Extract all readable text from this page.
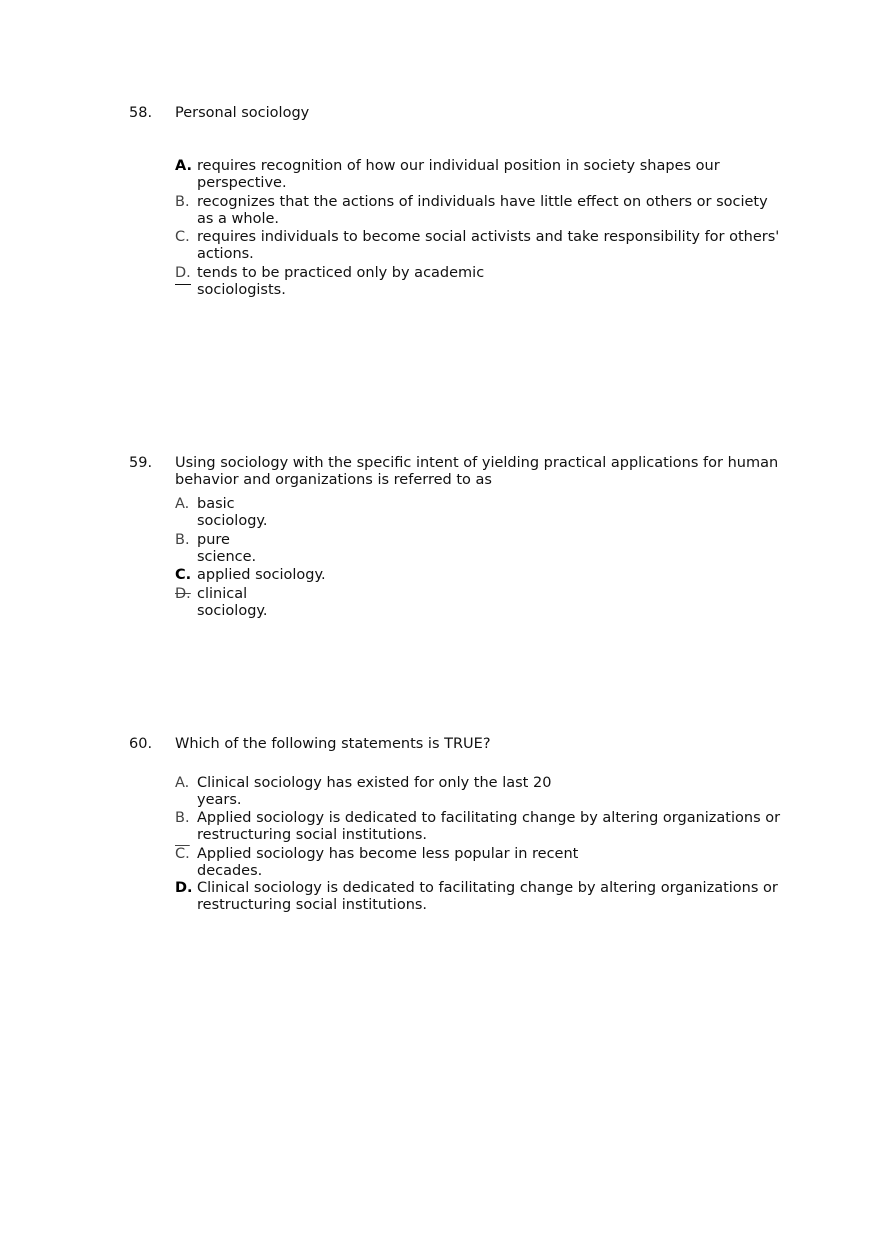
58. Personal sociology
A. requires recognition of how our individual position in society shapes our perspective.
B. recognizes that the actions of individuals have little effect on others or society as a whole.
C. requires individuals to become social activists and take responsibility for others' actions.
D. tends to be practiced only by academic sociologists.
59. Using sociology with the specific intent of yielding practical applications for human behavior and organizations is referred to as
A. basic sociology.
B. pure science.
C. applied sociology.
D. clinical sociology.
60. Which of the following statements is TRUE?
A. Clinical sociology has existed for only the last 20 years.
B. Applied sociology is dedicated to facilitating change by altering organizations or restructuring social institutions.
C. Applied sociology has become less popular in recent decades.
D. Clinical sociology is dedicated to facilitating change by altering organizations or restructuring social institutions.
